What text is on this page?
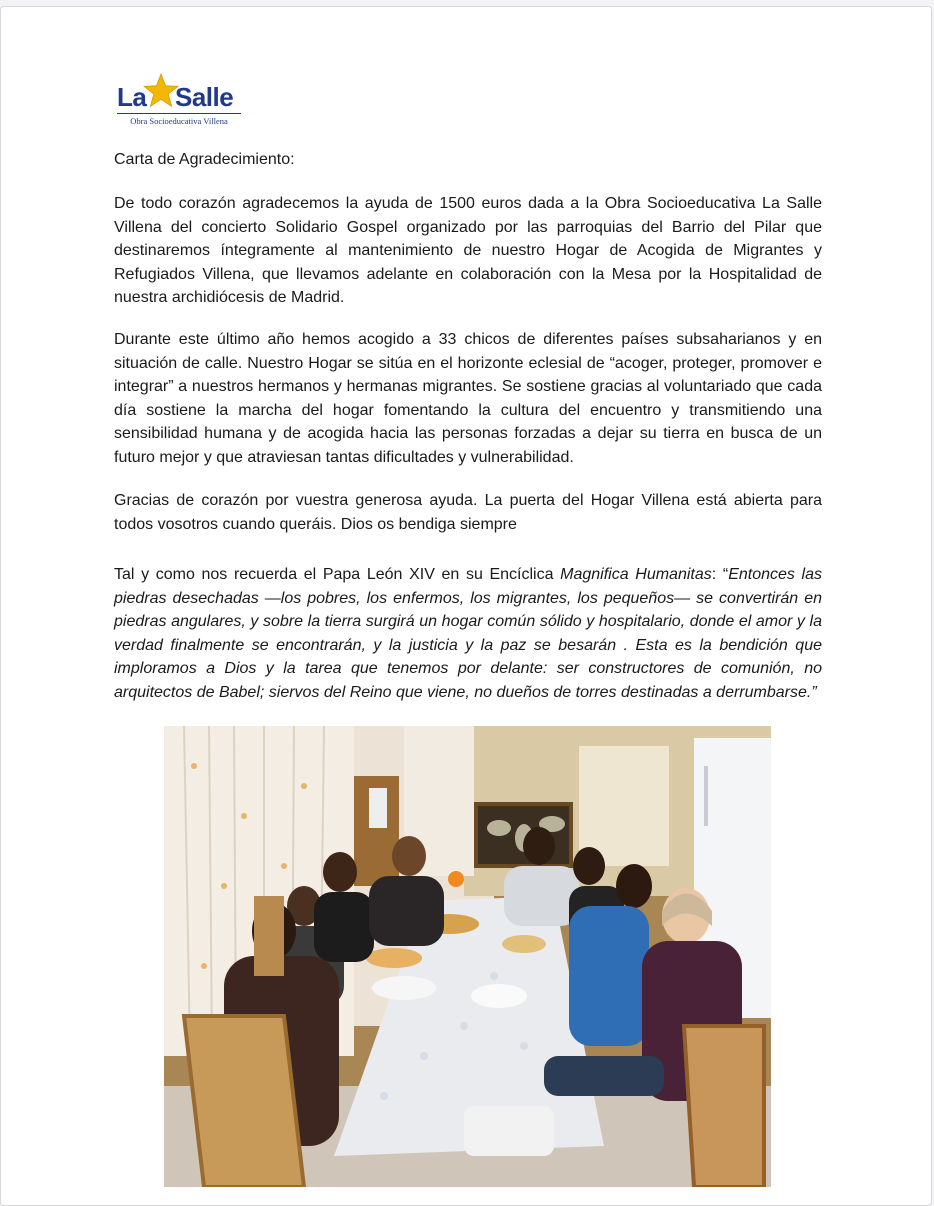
La Salle
Obra Socioeducativa Villena
Carta de Agradecimiento:
De todo corazón agradecemos la ayuda de 1500 euros dada a la Obra Socioeducativa La Salle Villena del concierto Solidario Gospel organizado por las parroquias del Barrio del Pilar que destinaremos íntegramente al mantenimiento de nuestro Hogar de Acogida de Migrantes y Refugiados Villena, que llevamos adelante en colaboración con la Mesa por la Hospitalidad de nuestra archidiócesis de Madrid.
Durante este último año hemos acogido a 33 chicos de diferentes países subsaharianos y en situación de calle. Nuestro Hogar se sitúa en el horizonte eclesial de “acoger, proteger, promover e integrar” a nuestros hermanos y hermanas migrantes. Se sostiene gracias al voluntariado que cada día sostiene la marcha del hogar fomentando la cultura del encuentro y transmitiendo una sensibilidad humana y de acogida hacia las personas forzadas a dejar su tierra en busca de un futuro mejor y que atraviesan tantas dificultades y vulnerabilidad.
Gracias de corazón por vuestra generosa ayuda. La puerta del Hogar Villena está abierta para todos vosotros cuando queráis. Dios os bendiga siempre
Tal y como nos recuerda el Papa León XIV en su Encíclica Magnifica Humanitas: “Entonces las piedras desechadas —los pobres, los enfermos, los migrantes, los pequeños— se convertirán en piedras angulares, y sobre la tierra surgirá un hogar común sólido y hospitalario, donde el amor y la verdad finalmente se encontrarán, y la justicia y la paz se besarán . Esta es la bendición que imploramos a Dios y la tarea que tenemos por delante: ser constructores de comunión, no arquitectos de Babel; siervos del Reino que viene, no dueños de torres destinadas a derrumbarse.”
